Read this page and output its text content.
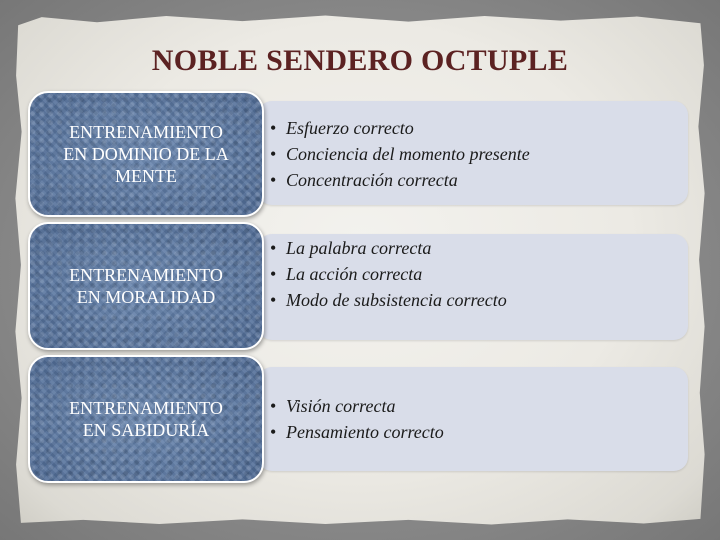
NOBLE SENDERO OCTUPLE
ENTRENAMIENTO
EN DOMINIO DE LA
MENTE
• Esfuerzo correcto
• Conciencia del momento presente
• Concentración correcta
ENTRENAMIENTO
EN MORALIDAD
• La palabra correcta
• La acción correcta
• Modo de subsistencia correcto
ENTRENAMIENTO
EN SABIDURÍA
• Visión correcta
• Pensamiento correcto
